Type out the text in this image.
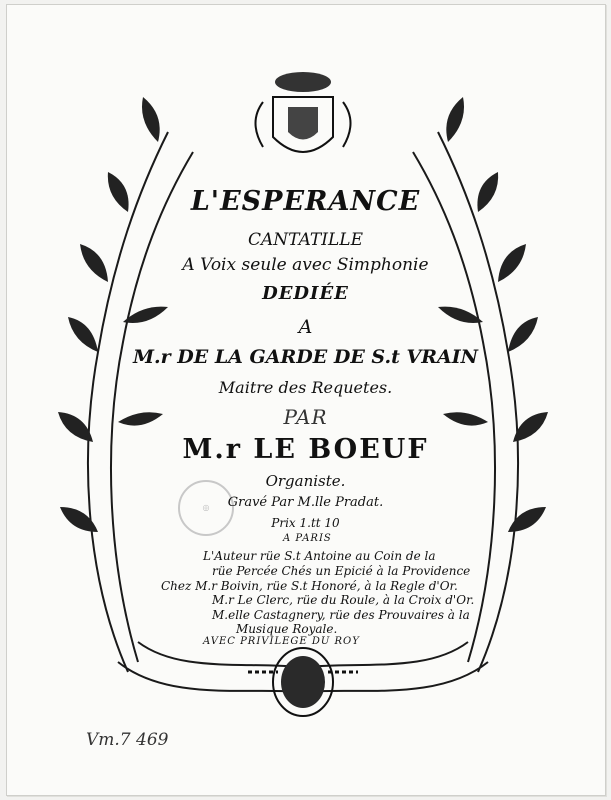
◎
L'ESPERANCE
CANTATILLE
A Voix seule avec Simphonie
DEDIÉE
A
M.r DE LA GARDE DE S.t VRAIN
Maitre des Requetes.
PAR
M.r LE BOEUF
Organiste.
Gravé Par M.lle Pradat.
Prix 1.tt 10
A PARIS
L'Auteur rüe S.t Antoine au Coin de la
rüe Percée Chés un Epicié à la Providence
Chez M.r Boivin, rüe S.t Honoré, à la Regle d'Or.
M.r Le Clerc, rüe du Roule, à la Croix d'Or.
M.elle Castagnery, rüe des Prouvaires à la
Musique Royale.
AVEC PRIVILEGE DU ROY
Vm.7 469
